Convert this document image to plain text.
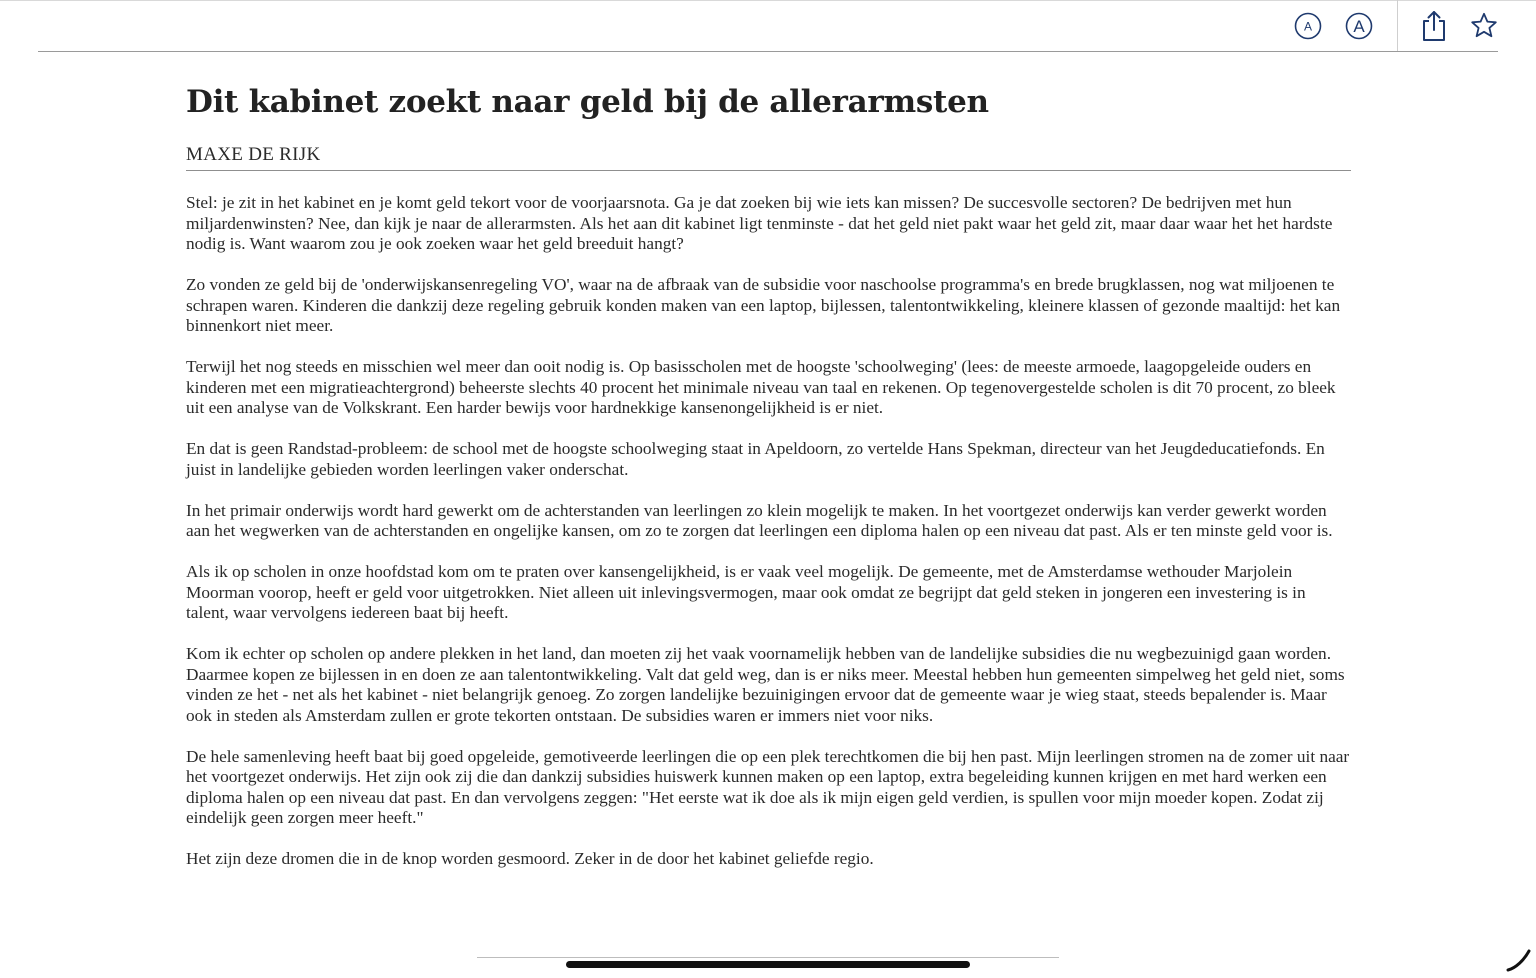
A A
Dit kabinet zoekt naar geld bij de allerarmsten
MAXE DE RIJK

Stel: je zit in het kabinet en je komt geld tekort voor de voorjaarsnota. Ga je dat zoeken bij wie iets kan missen? De succesvolle sectoren? De bedrijven met hun miljardenwinsten? Nee, dan kijk je naar de allerarmsten. Als het aan dit kabinet ligt tenminste - dat het geld niet pakt waar het geld zit, maar daar waar het het hardste nodig is. Want waarom zou je ook zoeken waar het geld breeduit hangt?

Zo vonden ze geld bij de 'onderwijskansenregeling VO', waar na de afbraak van de subsidie voor naschoolse programma's en brede brugklassen, nog wat miljoenen te schrapen waren. Kinderen die dankzij deze regeling gebruik konden maken van een laptop, bijlessen, talentontwikkeling, kleinere klassen of gezonde maaltijd: het kan binnenkort niet meer.

Terwijl het nog steeds en misschien wel meer dan ooit nodig is. Op basisscholen met de hoogste 'schoolweging' (lees: de meeste armoede, laagopgeleide ouders en kinderen met een migratieachtergrond) beheerste slechts 40 procent het minimale niveau van taal en rekenen. Op tegenovergestelde scholen is dit 70 procent, zo bleek uit een analyse van de Volkskrant. Een harder bewijs voor hardnekkige kansenongelijkheid is er niet.

En dat is geen Randstad-probleem: de school met de hoogste schoolweging staat in Apeldoorn, zo vertelde Hans Spekman, directeur van het Jeugdeducatiefonds. En juist in landelijke gebieden worden leerlingen vaker onderschat.

In het primair onderwijs wordt hard gewerkt om de achterstanden van leerlingen zo klein mogelijk te maken. In het voortgezet onderwijs kan verder gewerkt worden aan het wegwerken van de achterstanden en ongelijke kansen, om zo te zorgen dat leerlingen een diploma halen op een niveau dat past. Als er ten minste geld voor is.

Als ik op scholen in onze hoofdstad kom om te praten over kansengelijkheid, is er vaak veel mogelijk. De gemeente, met de Amsterdamse wethouder Marjolein Moorman voorop, heeft er geld voor uitgetrokken. Niet alleen uit inlevingsvermogen, maar ook omdat ze begrijpt dat geld steken in jongeren een investering is in talent, waar vervolgens iedereen baat bij heeft.

Kom ik echter op scholen op andere plekken in het land, dan moeten zij het vaak voornamelijk hebben van de landelijke subsidies die nu wegbezuinigd gaan worden. Daarmee kopen ze bijlessen in en doen ze aan talentontwikkeling. Valt dat geld weg, dan is er niks meer. Meestal hebben hun gemeenten simpelweg het geld niet, soms vinden ze het - net als het kabinet - niet belangrijk genoeg. Zo zorgen landelijke bezuinigingen ervoor dat de gemeente waar je wieg staat, steeds bepalender is. Maar ook in steden als Amsterdam zullen er grote tekorten ontstaan. De subsidies waren er immers niet voor niks.

De hele samenleving heeft baat bij goed opgeleide, gemotiveerde leerlingen die op een plek terechtkomen die bij hen past. Mijn leerlingen stromen na de zomer uit naar het voortgezet onderwijs. Het zijn ook zij die dan dankzij subsidies huiswerk kunnen maken op een laptop, extra begeleiding kunnen krijgen en met hard werken een diploma halen op een niveau dat past. En dan vervolgens zeggen: "Het eerste wat ik doe als ik mijn eigen geld verdien, is spullen voor mijn moeder kopen. Zodat zij eindelijk geen zorgen meer heeft."

Het zijn deze dromen die in de knop worden gesmoord. Zeker in de door het kabinet geliefde regio.
